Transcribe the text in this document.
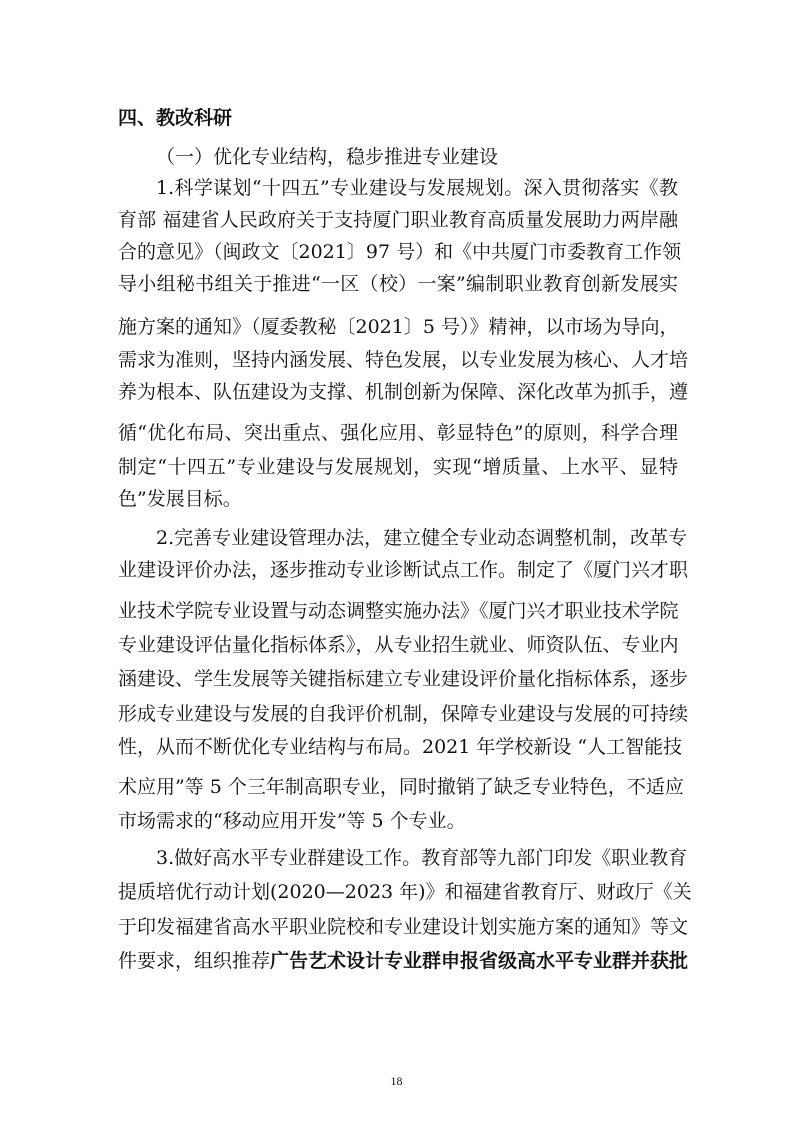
四、教改科研
（一）优化专业结构，稳步推进专业建设
1.科学谋划“十四五”专业建设与发展规划。深入贯彻落实《教
育部 福建省人民政府关于支持厦门职业教育高质量发展助力两岸融
合的意见》（闽政文〔2021〕97 号）和《中共厦门市委教育工作领
导小组秘书组关于推进“一区（校）一案”编制职业教育创新发展实
施方案的通知》（厦委教秘〔2021〕5 号）》精神，以市场为导向，
需求为准则，坚持内涵发展、特色发展，以专业发展为核心、人才培
养为根本、队伍建设为支撑、机制创新为保障、深化改革为抓手，遵
循“优化布局、突出重点、强化应用、彰显特色”的原则，科学合理
制定“十四五”专业建设与发展规划，实现“增质量、上水平、显特
色”发展目标。
2.完善专业建设管理办法，建立健全专业动态调整机制，改革专
业建设评价办法，逐步推动专业诊断试点工作。制定了《厦门兴才职
业技术学院专业设置与动态调整实施办法》《厦门兴才职业技术学院
专业建设评估量化指标体系》，从专业招生就业、师资队伍、专业内
涵建设、学生发展等关键指标建立专业建设评价量化指标体系，逐步
形成专业建设与发展的自我评价机制，保障专业建设与发展的可持续
性，从而不断优化专业结构与布局。2021 年学校新设 “人工智能技
术应用”等 5 个三年制高职专业，同时撤销了缺乏专业特色，不适应
市场需求的“移动应用开发”等 5 个专业。
3.做好高水平专业群建设工作。教育部等九部门印发《职业教育
提质培优行动计划(2020—2023 年)》和福建省教育厅、财政厅《关
于印发福建省高水平职业院校和专业建设计划实施方案的通知》等文
件要求，组织推荐广告艺术设计专业群申报省级高水平专业群并获批
18
